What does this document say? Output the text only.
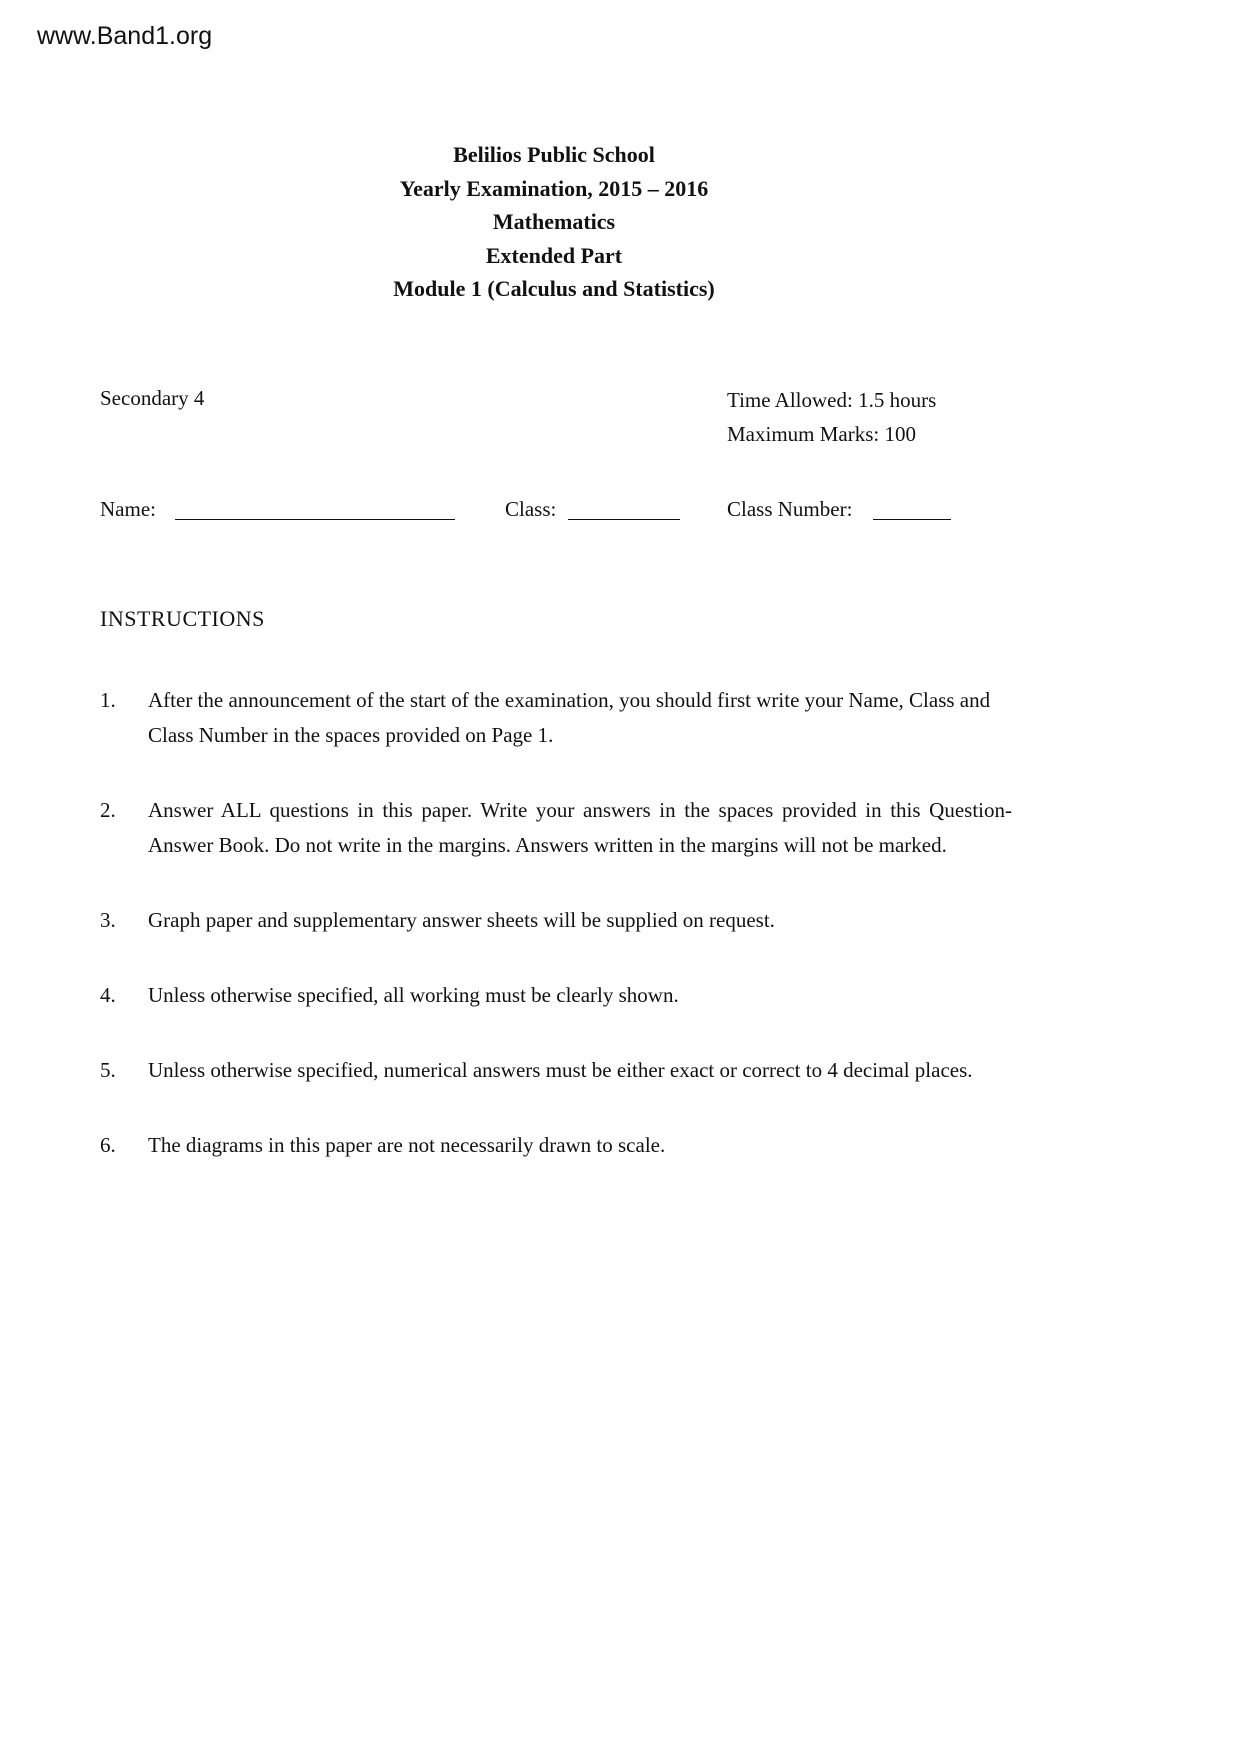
www.Band1.org
Belilios Public School
Yearly Examination, 2015 – 2016
Mathematics
Extended Part
Module 1 (Calculus and Statistics)
Secondary 4	Time Allowed: 1.5 hours
Maximum Marks: 100
Name:	Class:	Class Number:
INSTRUCTIONS
1.	After the announcement of the start of the examination, you should first write your Name, Class and Class Number in the spaces provided on Page 1.
2.	Answer ALL questions in this paper. Write your answers in the spaces provided in this Question-Answer Book. Do not write in the margins. Answers written in the margins will not be marked.
3.	Graph paper and supplementary answer sheets will be supplied on request.
4.	Unless otherwise specified, all working must be clearly shown.
5.	Unless otherwise specified, numerical answers must be either exact or correct to 4 decimal places.
6.	The diagrams in this paper are not necessarily drawn to scale.
